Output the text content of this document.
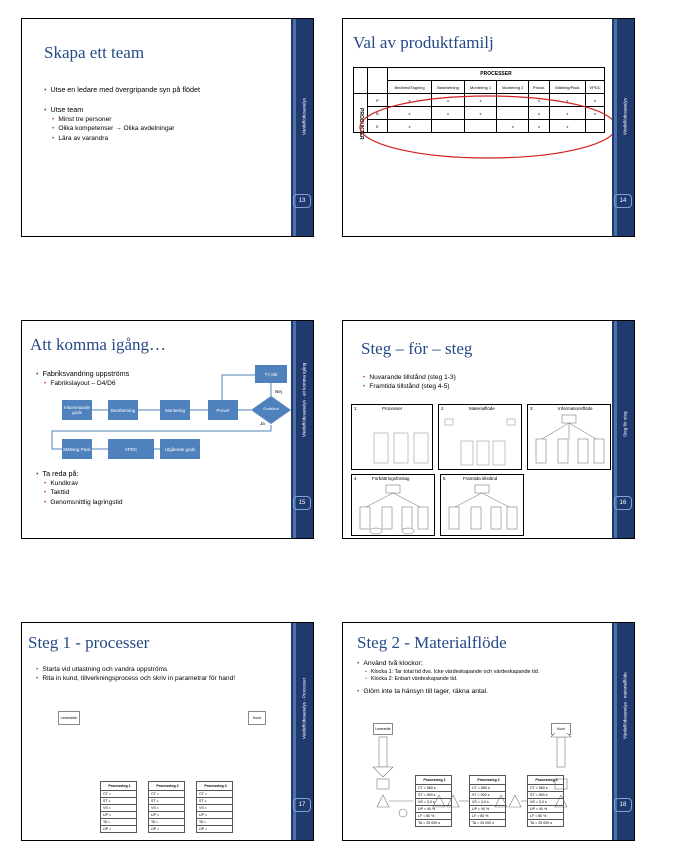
Skapa ett team
• Utse en ledare med övergripande syn på flödet
• Utse team
• Minst tre personer
• Olika kompetenser → Olika avdelningar
• Lära av varandra
Värdeflödesanalys
13
Val av produktfamilj
		PROCESSER						
		Bedömd/Tagning	Bearbetning	Montering 1	Montering 2	Provsl.	Mätning/Pack	VPDC

PRODUKTER	P	x	x	x		x	x	x
	B	x	x	x		x	x	x
	E	x			x	x	x		Värdeflödesanalys
14
Att komma igång…
• Fabriksvandring uppströms
• Fabrikslayout – D4/D6
Inkommande gods	Bearbetning	Montering	Provet
Rejekt
Mätning Pack	VPDC	Utgående gods
Godkänd
Nej
Ja
• Ta reda på:
• Kundkrav
• Takttid
• Genomsnittlig lagringstid
Värdeflödesanalys - att komma igång
15
Steg – för – steg
• Nuvarande tillstånd (steg 1-3)
• Framtida tillstånd (steg 4-5)
1	Processer	2	Materialflöde	3	Informationsflöde
4	Förbättringsförslag	5	Framtida tillstånd
Steg för steg
16
Steg 1 - processer
• Starta vid utlastning och vandra uppströms
• Rita in kund, tillverkningsprocess och skriv in parametrar för hand!
Leverantör	Kund
Processteg 1
CT =
ST =
VS =
UP =
TA =
OP =
Processteg 2
CT =
ST =
VS =
UP =
TA =
OP =
Processteg 3
CT =
ST =
VS =
UP =
TA =
OP =
Värdeflödesanalys - Processer
17
Steg 2 - Materialflöde
• Använd två klockor;
• Klocka 1: Tar total tid dvs. Icke värdeskapande och värdeskapande tid.
• Klocka 2: Enbart värdeskapande tid.
• Glöm inte ta hänsyn till lager, räkna antal.
Leverantör	Kund
Processteg 1
CT = 560 s
ST = 900 s
VS = 3,0 s
UP = 90 %
LF = 80 %
TA = 25 000 s
Processteg 2
CT = 560 s
ST = 900 s
VS = 3,0 s
UP = 90 %
LF = 80 %
TA = 25 000 s
Processteg 3
CT = 560 s
ST = 900 s
VS = 3,0 s
UP = 90 %
LF = 80 %
TA = 25 000 s
Värdeflödesanalys - materialflöde
18
